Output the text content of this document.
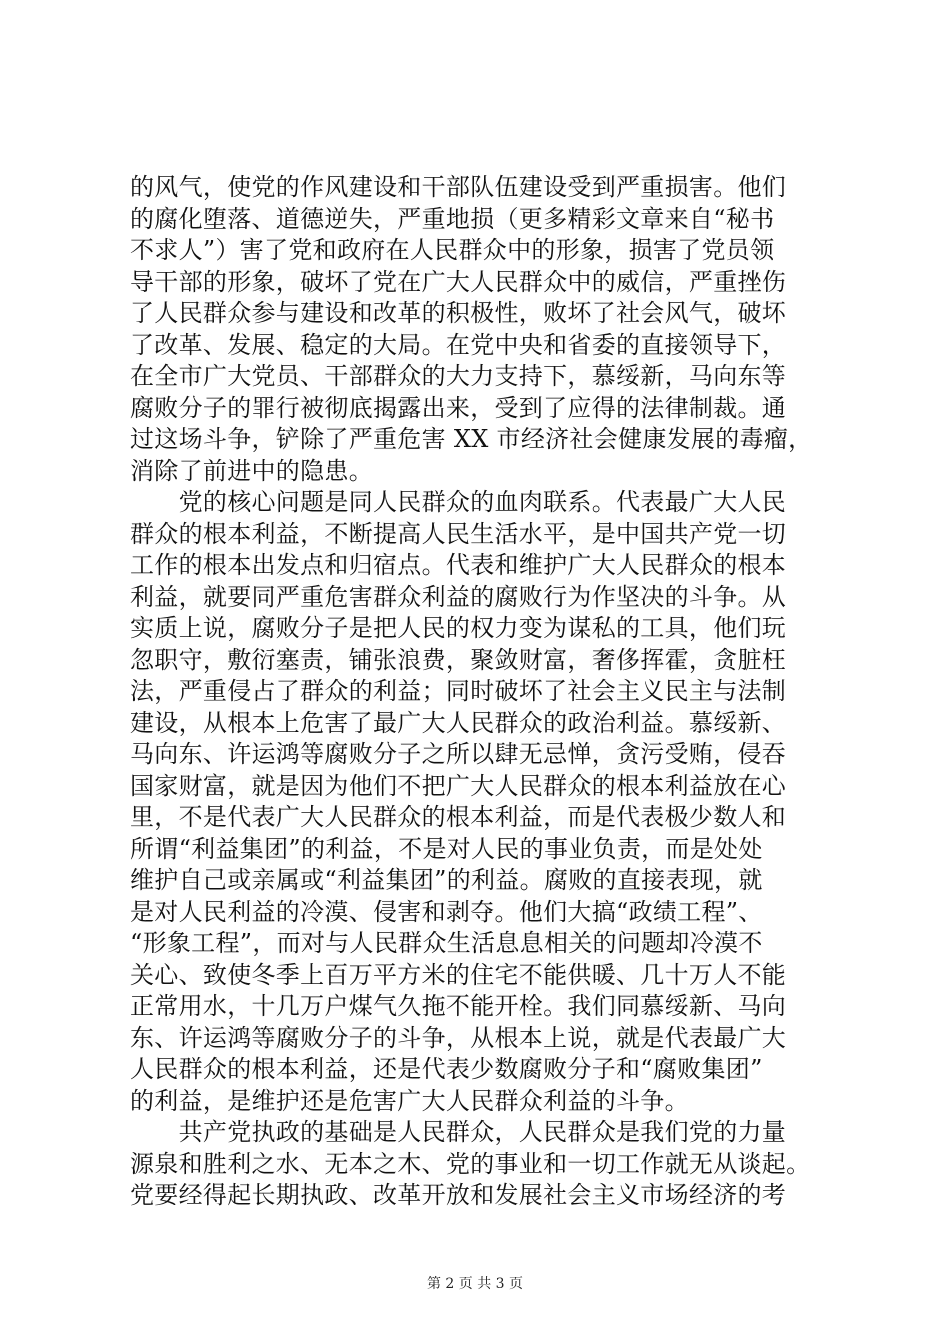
的风气，使党的作风建设和干部队伍建设受到严重损害。他们
的腐化堕落、道德逆失，严重地损（更多精彩文章来自“秘书
不求人”）害了党和政府在人民群众中的形象，损害了党员领
导干部的形象，破坏了党在广大人民群众中的威信，严重挫伤
了人民群众参与建设和改革的积极性，败坏了社会风气，破坏
了改革、发展、稳定的大局。在党中央和省委的直接领导下，
在全市广大党员、干部群众的大力支持下，慕绥新，马向东等
腐败分子的罪行被彻底揭露出来，受到了应得的法律制裁。通
过这场斗争，铲除了严重危害 XX 市经济社会健康发展的毒瘤，
消除了前进中的隐患。
　　党的核心问题是同人民群众的血肉联系。代表最广大人民
群众的根本利益，不断提高人民生活水平，是中国共产党一切
工作的根本出发点和归宿点。代表和维护广大人民群众的根本
利益，就要同严重危害群众利益的腐败行为作坚决的斗争。从
实质上说，腐败分子是把人民的权力变为谋私的工具，他们玩
忽职守，敷衍塞责，铺张浪费，聚敛财富，奢侈挥霍，贪脏枉
法，严重侵占了群众的利益；同时破坏了社会主义民主与法制
建设，从根本上危害了最广大人民群众的政治利益。慕绥新、
马向东、许运鸿等腐败分子之所以肆无忌惮，贪污受贿，侵吞
国家财富，就是因为他们不把广大人民群众的根本利益放在心
里，不是代表广大人民群众的根本利益，而是代表极少数人和
所谓“利益集团”的利益，不是对人民的事业负责，而是处处
维护自己或亲属或“利益集团”的利益。腐败的直接表现，就
是对人民利益的冷漠、侵害和剥夺。他们大搞“政绩工程”、
“形象工程”，而对与人民群众生活息息相关的问题却冷漠不
关心、致使冬季上百万平方米的住宅不能供暖、几十万人不能
正常用水，十几万户煤气久拖不能开栓。我们同慕绥新、马向
东、许运鸿等腐败分子的斗争，从根本上说，就是代表最广大
人民群众的根本利益，还是代表少数腐败分子和“腐败集团”
的利益，是维护还是危害广大人民群众利益的斗争。
　　共产党执政的基础是人民群众，人民群众是我们党的力量
源泉和胜利之水、无本之木、党的事业和一切工作就无从谈起。
党要经得起长期执政、改革开放和发展社会主义市场经济的考
第 2 页 共 3 页
